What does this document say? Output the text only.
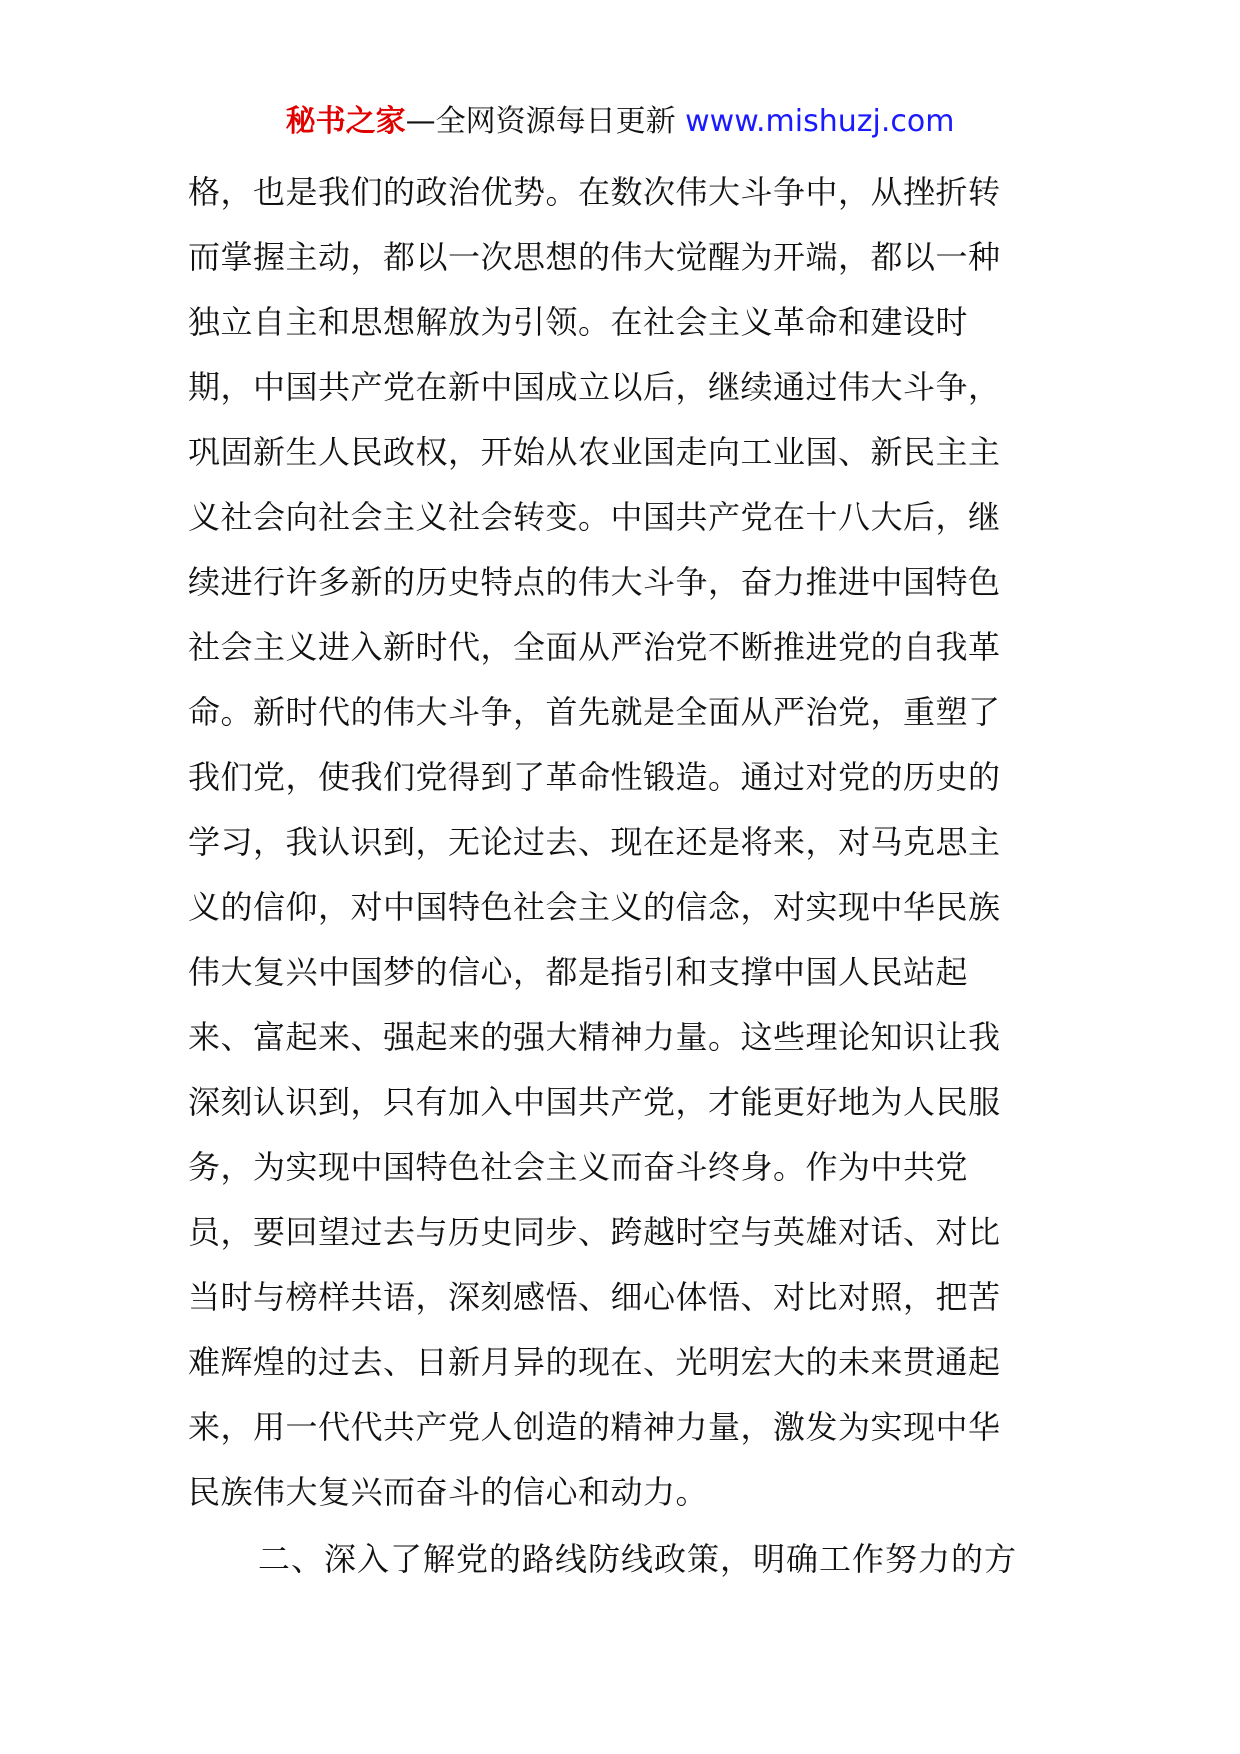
秘书之家—全网资源每日更新 www.mishuzj.com
格，也是我们的政治优势。在数次伟大斗争中，从挫折转
而掌握主动，都以一次思想的伟大觉醒为开端，都以一种
独立自主和思想解放为引领。在社会主义革命和建设时
期，中国共产党在新中国成立以后，继续通过伟大斗争，
巩固新生人民政权，开始从农业国走向工业国、新民主主
义社会向社会主义社会转变。中国共产党在十八大后，继
续进行许多新的历史特点的伟大斗争，奋力推进中国特色
社会主义进入新时代，全面从严治党不断推进党的自我革
命。新时代的伟大斗争，首先就是全面从严治党，重塑了
我们党，使我们党得到了革命性锻造。通过对党的历史的
学习，我认识到，无论过去、现在还是将来，对马克思主
义的信仰，对中国特色社会主义的信念，对实现中华民族
伟大复兴中国梦的信心，都是指引和支撑中国人民站起
来、富起来、强起来的强大精神力量。这些理论知识让我
深刻认识到，只有加入中国共产党，才能更好地为人民服
务，为实现中国特色社会主义而奋斗终身。作为中共党
员，要回望过去与历史同步、跨越时空与英雄对话、对比
当时与榜样共语，深刻感悟、细心体悟、对比对照，把苦
难辉煌的过去、日新月异的现在、光明宏大的未来贯通起
来，用一代代共产党人创造的精神力量，激发为实现中华
民族伟大复兴而奋斗的信心和动力。
二、深入了解党的路线防线政策，明确工作努力的方
